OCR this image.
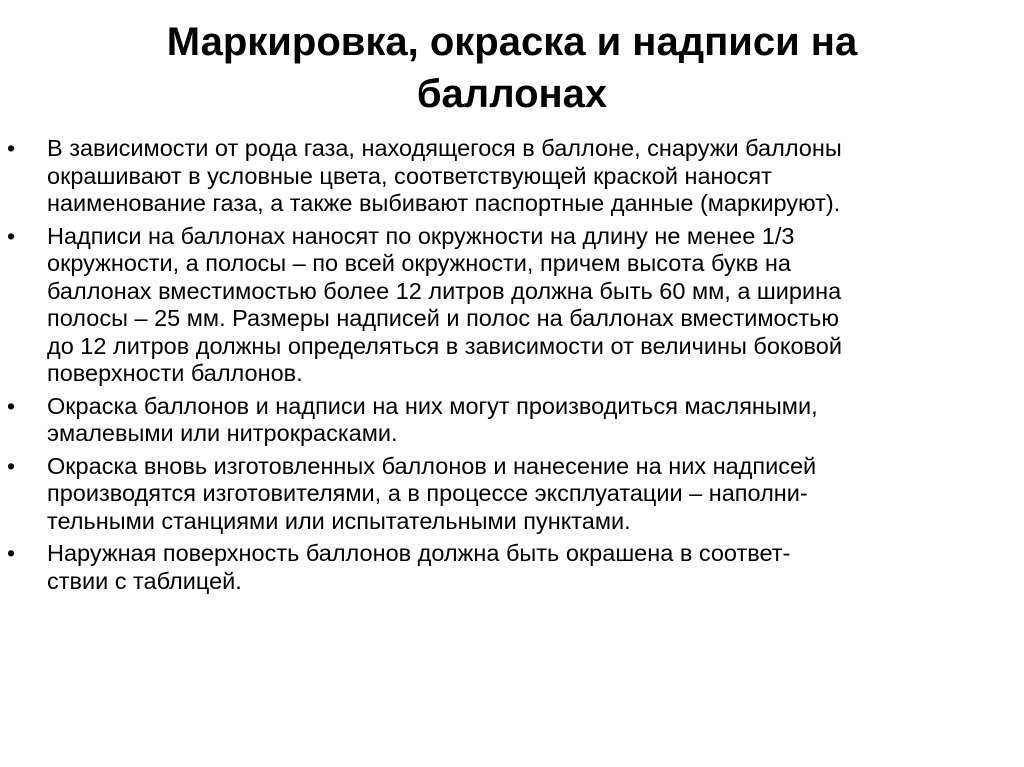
Маркировка, окраска и надписи на
баллонах
• В зависимости от рода газа, находящегося в баллоне, снаружи баллоны
окрашивают в условные цвета, соответствующей краской наносят
наименование газа, а также выбивают паспортные данные (маркируют).
• Надписи на баллонах наносят по окружности на длину не менее 1/3
окружности, а полосы – по всей окружности, причем высота букв на
баллонах вместимостью более 12 литров должна быть 60 мм, а ширина
полосы – 25 мм. Размеры надписей и полос на баллонах вместимостью
до 12 литров должны определяться в зависимости от величины боковой
поверхности баллонов.
• Окраска баллонов и надписи на них могут производиться масляными,
эмалевыми или нитрокрасками.
• Окраска вновь изготовленных баллонов и нанесение на них надписей
производятся изготовителями, а в процессе эксплуатации – наполни-
тельными станциями или испытательными пунктами.
• Наружная поверхность баллонов должна быть окрашена в соответ-
ствии с таблицей.
